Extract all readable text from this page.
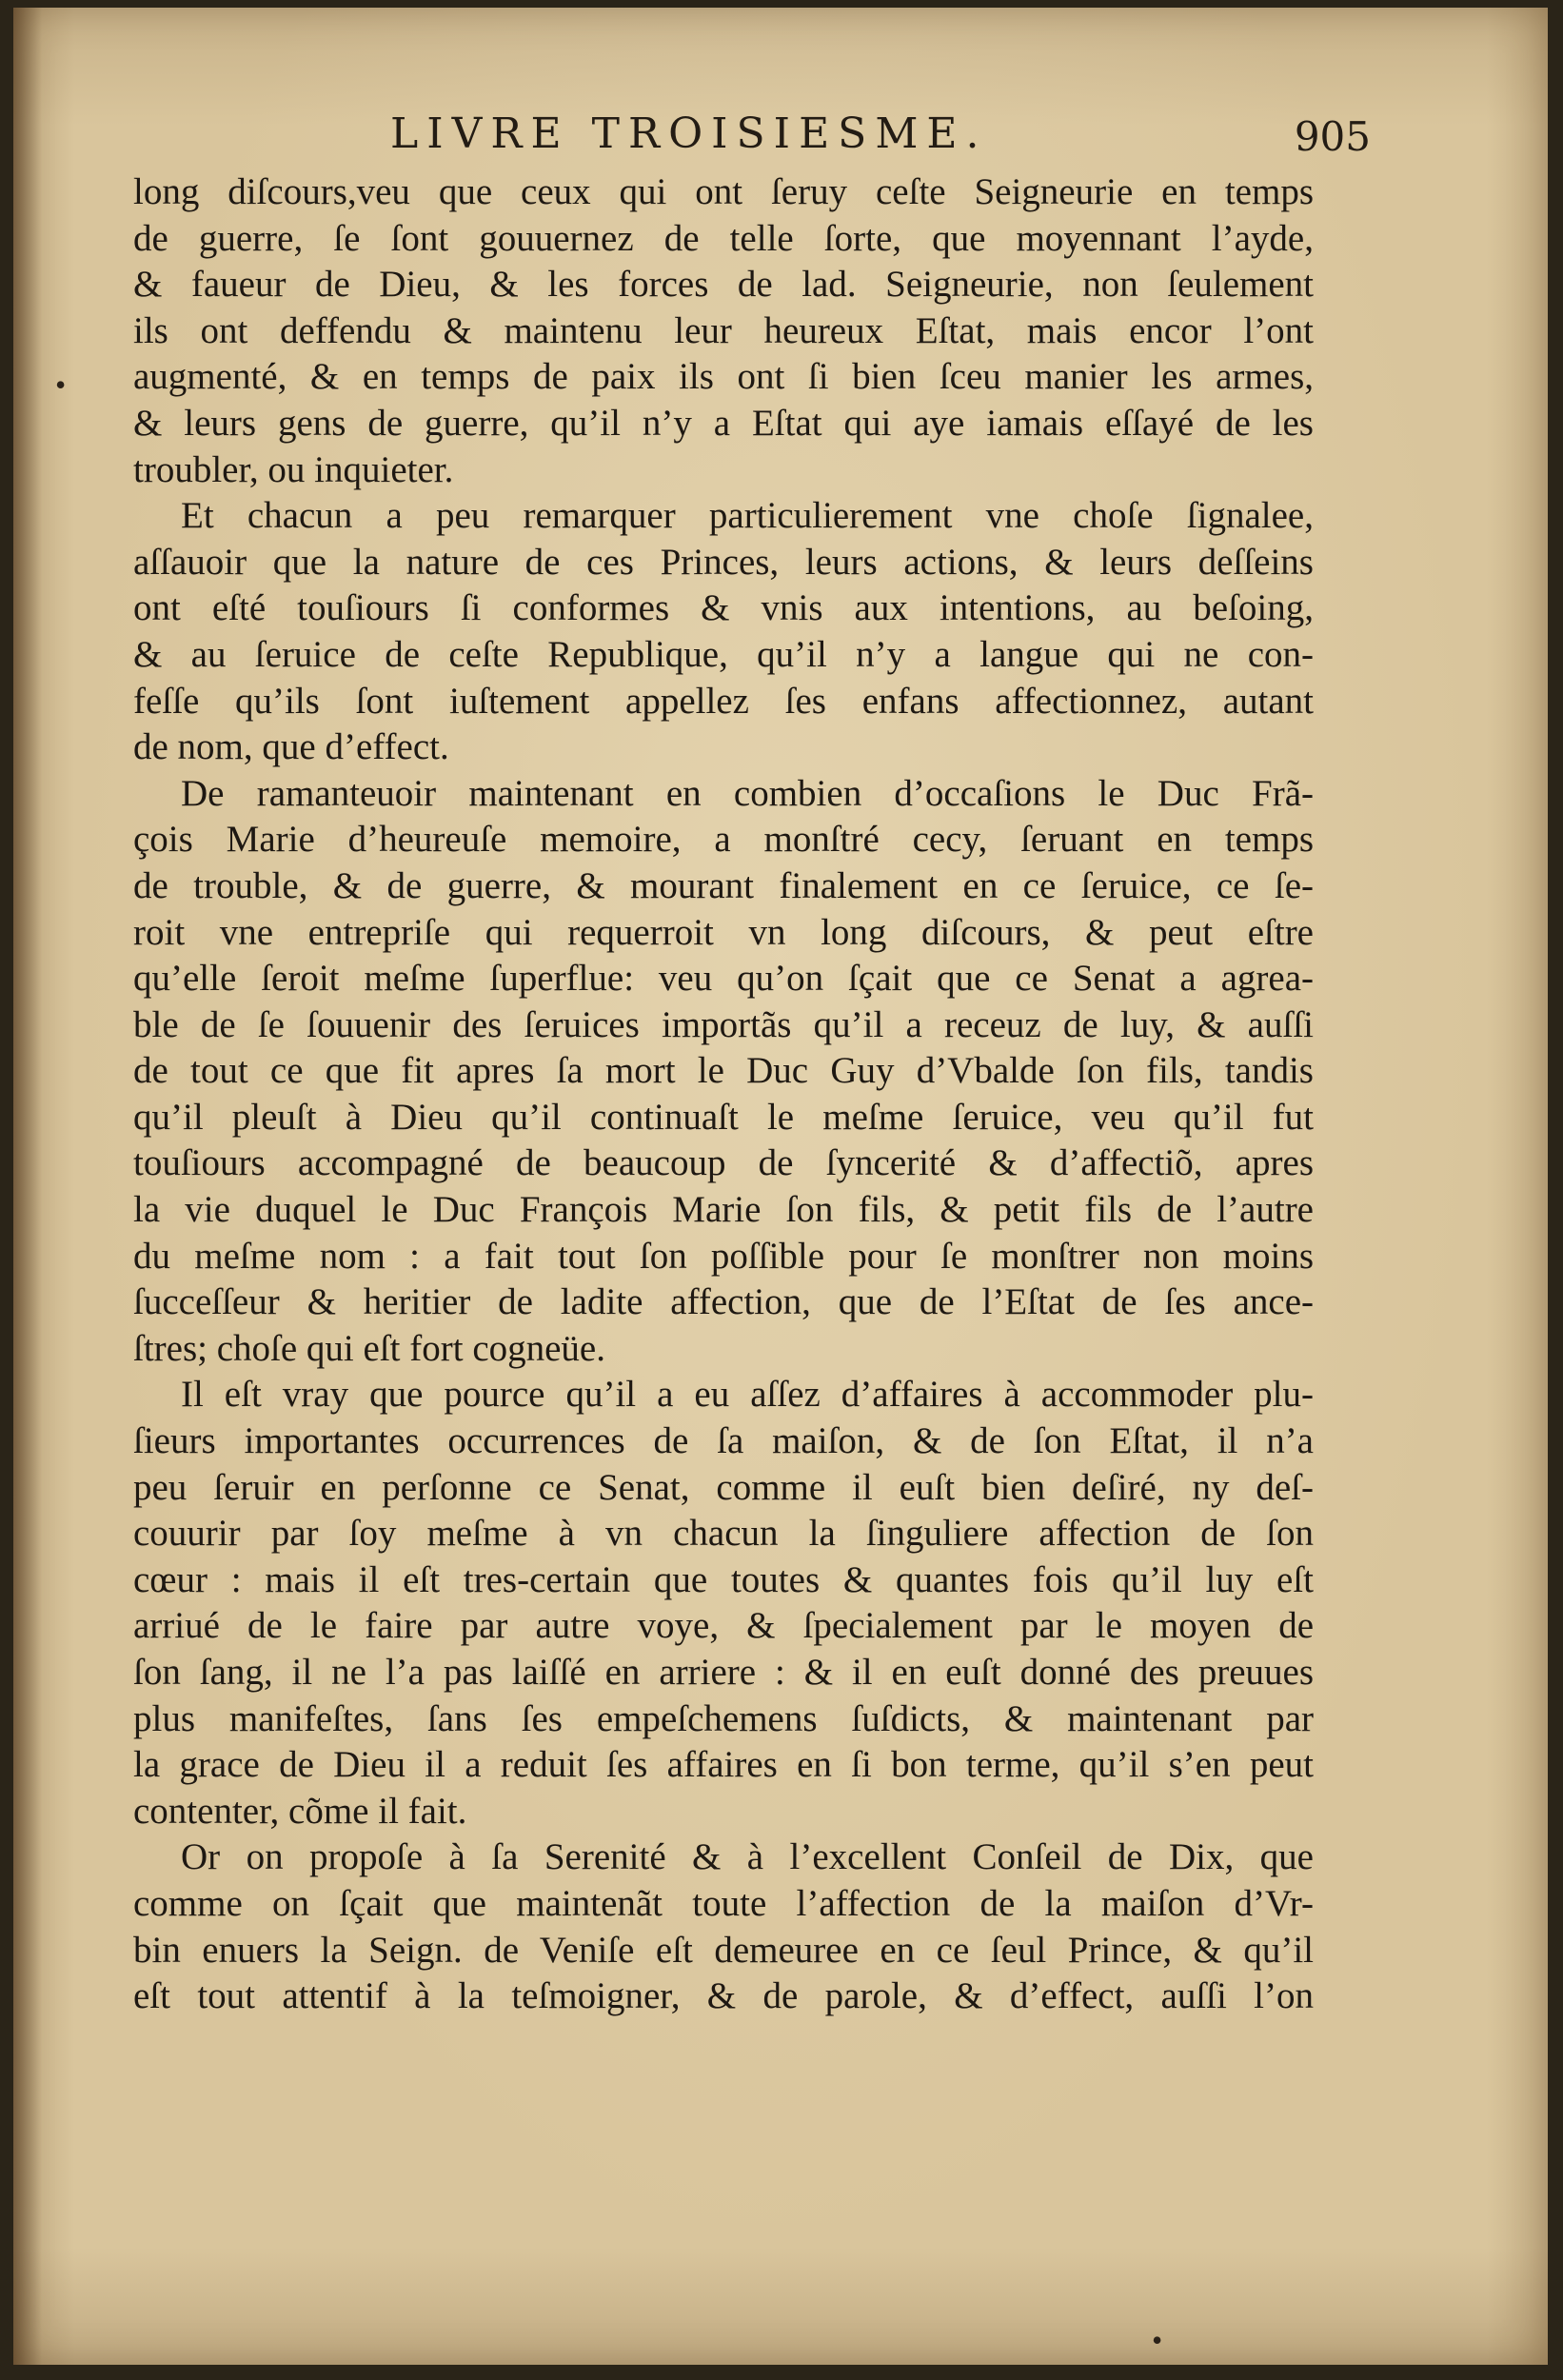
LIVRE TROISIESME.	905
long diſcours,veu que ceux qui ont ſeruy ceſte Seigneurie en temps
de guerre, ſe ſont gouuernez de telle ſorte, que moyennant l’ayde,
& faueur de Dieu, & les forces de lad. Seigneurie, non ſeulement
ils ont deffendu & maintenu leur heureux Eſtat, mais encor l’ont
augmenté, & en temps de paix ils ont ſi bien ſceu manier les armes,
& leurs gens de guerre, qu’il n’y a Eſtat qui aye iamais eſſayé de les
troubler, ou inquieter.
Et chacun a peu remarquer particulierement vne choſe ſignalee,
aſſauoir que la nature de ces Princes, leurs actions, & leurs deſſeins
ont eſté touſiours ſi conformes & vnis aux intentions, au beſoing,
& au ſeruice de ceſte Republique, qu’il n’y a langue qui ne con-
feſſe qu’ils ſont iuſtement appellez ſes enfans affectionnez, autant
de nom, que d’effect.
De ramanteuoir maintenant en combien d’occaſions le Duc Frã-
çois Marie d’heureuſe memoire, a monſtré cecy, ſeruant en temps
de trouble, & de guerre, & mourant finalement en ce ſeruice, ce ſe-
roit vne entrepriſe qui requerroit vn long diſcours, & peut eſtre
qu’elle ſeroit meſme ſuperflue: veu qu’on ſçait que ce Senat a agrea-
ble de ſe ſouuenir des ſeruices importãs qu’il a receuz de luy, & auſſi
de tout ce que fit apres ſa mort le Duc Guy d’Vbalde ſon fils, tandis
qu’il pleuſt à Dieu qu’il continuaſt le meſme ſeruice, veu qu’il fut
touſiours accompagné de beaucoup de ſyncerité & d’affectiõ, apres
la vie duquel le Duc François Marie ſon fils, & petit fils de l’autre
du meſme nom : a fait tout ſon poſſible pour ſe monſtrer non moins
ſucceſſeur & heritier de ladite affection, que de l’Eſtat de ſes ance-
ſtres; choſe qui eſt fort cogneüe.
Il eſt vray que pource qu’il a eu aſſez d’affaires à accommoder plu-
ſieurs importantes occurrences de ſa maiſon, & de ſon Eſtat, il n’a
peu ſeruir en perſonne ce Senat, comme il euſt bien deſiré, ny deſ-
couurir par ſoy meſme à vn chacun la ſinguliere affection de ſon
cœur : mais il eſt tres-certain que toutes & quantes fois qu’il luy eſt
arriué de le faire par autre voye, & ſpecialement par le moyen de
ſon ſang, il ne l’a pas laiſſé en arriere : & il en euſt donné des preuues
plus manifeſtes, ſans ſes empeſchemens ſuſdicts, & maintenant par
la grace de Dieu il a reduit ſes affaires en ſi bon terme, qu’il s’en peut
contenter, cõme il fait.
Or on propoſe à ſa Serenité & à l’excellent Conſeil de Dix, que
comme on ſçait que maintenãt toute l’affection de la maiſon d’Vr-
bin enuers la Seign. de Veniſe eſt demeuree en ce ſeul Prince, & qu’il
eſt tout attentif à la teſmoigner, & de parole, & d’effect, auſſi l’on
•
•
